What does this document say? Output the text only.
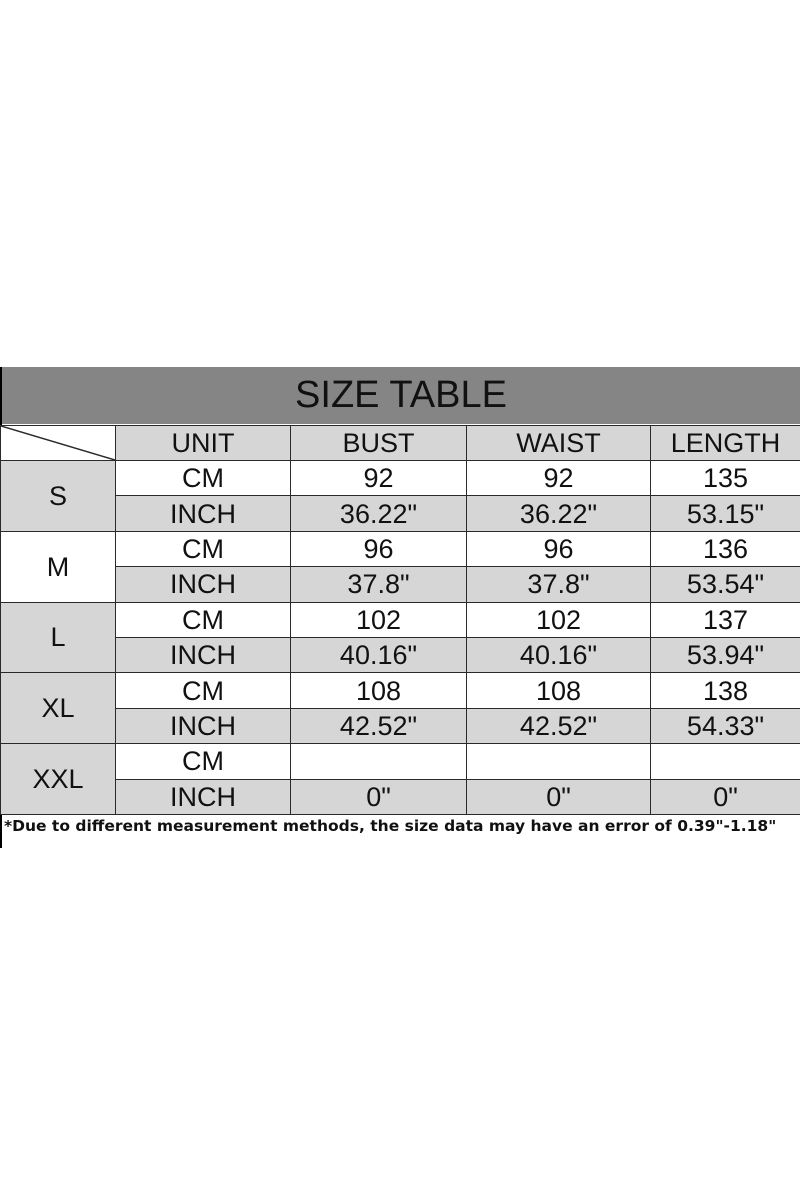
SIZE TABLE
	UNIT	BUST	WAIST	LENGTH
S	CM	92	92	135
	INCH	36.22"	36.22"	53.15"
M	CM	96	96	136
	INCH	37.8"	37.8"	53.54"
L	CM	102	102	137
	INCH	40.16"	40.16"	53.94"
XL	CM	108	108	138
	INCH	42.52"	42.52"	54.33"
XXL	CM			
	INCH	0"	0"	0"
*Due to different measurement methods, the size data may have an error of 0.39"-1.18"
